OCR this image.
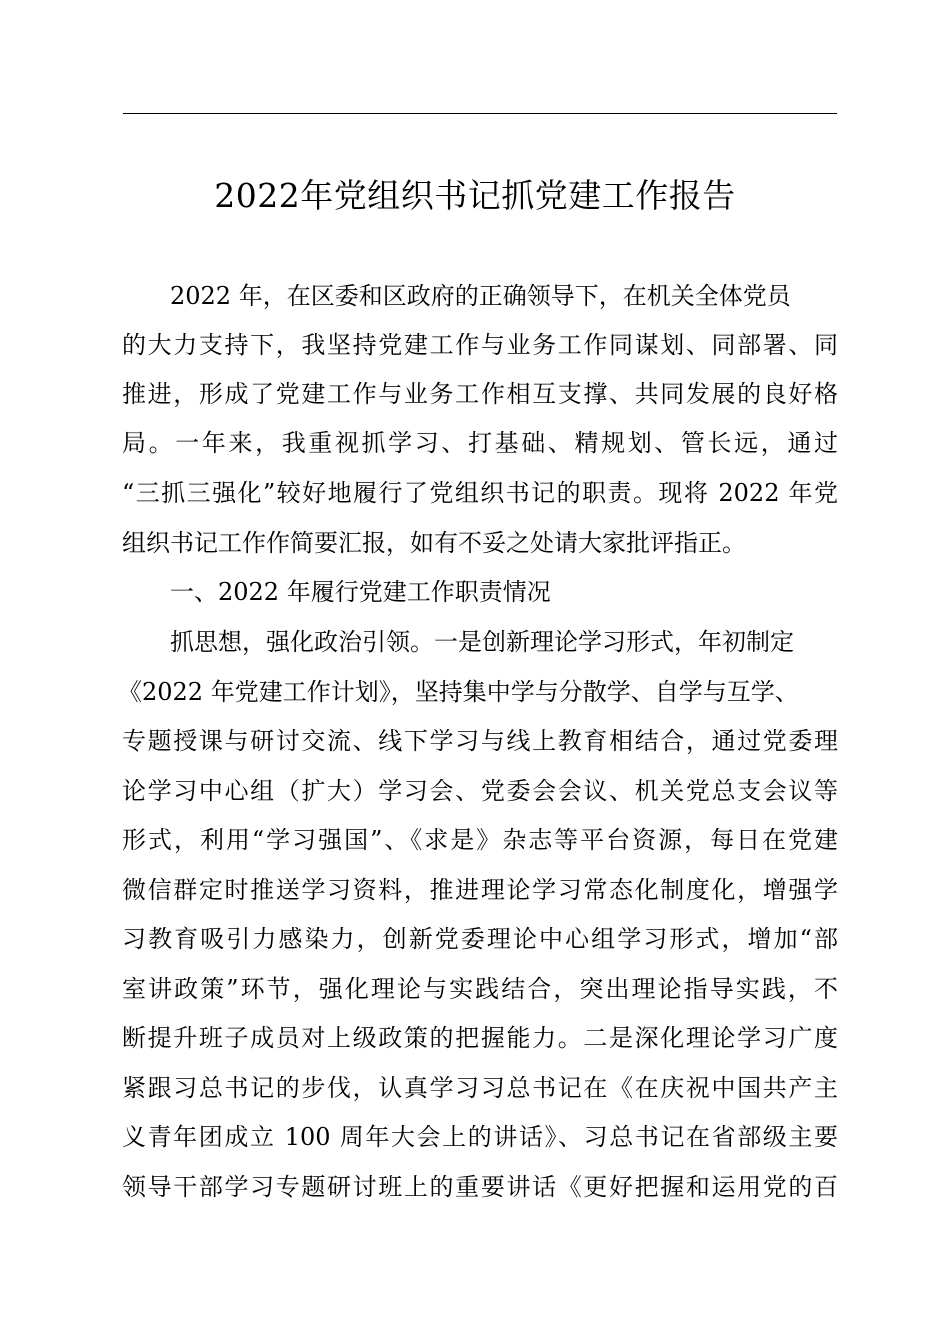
2022年党组织书记抓党建工作报告
2022 年，在区委和区政府的正确领导下，在机关全体党员
的大力支持下，我坚持党建工作与业务工作同谋划、同部署、同
推进，形成了党建工作与业务工作相互支撑、共同发展的良好格
局。一年来，我重视抓学习、打基础、精规划、管长远，通过
“三抓三强化”较好地履行了党组织书记的职责。现将 2022 年党
组织书记工作作简要汇报，如有不妥之处请大家批评指正。
一、2022 年履行党建工作职责情况
抓思想，强化政治引领。一是创新理论学习形式，年初制定
《2022 年党建工作计划》，坚持集中学与分散学、自学与互学、
专题授课与研讨交流、线下学习与线上教育相结合，通过党委理
论学习中心组（扩大）学习会、党委会会议、机关党总支会议等
形式，利用“学习强国”、《求是》杂志等平台资源，每日在党建
微信群定时推送学习资料，推进理论学习常态化制度化，增强学
习教育吸引力感染力，创新党委理论中心组学习形式，增加“部
室讲政策”环节，强化理论与实践结合，突出理论指导实践，不
断提升班子成员对上级政策的把握能力。二是深化理论学习广度
紧跟习总书记的步伐，认真学习习总书记在《在庆祝中国共产主
义青年团成立 100 周年大会上的讲话》、习总书记在省部级主要
领导干部学习专题研讨班上的重要讲话《更好把握和运用党的百
